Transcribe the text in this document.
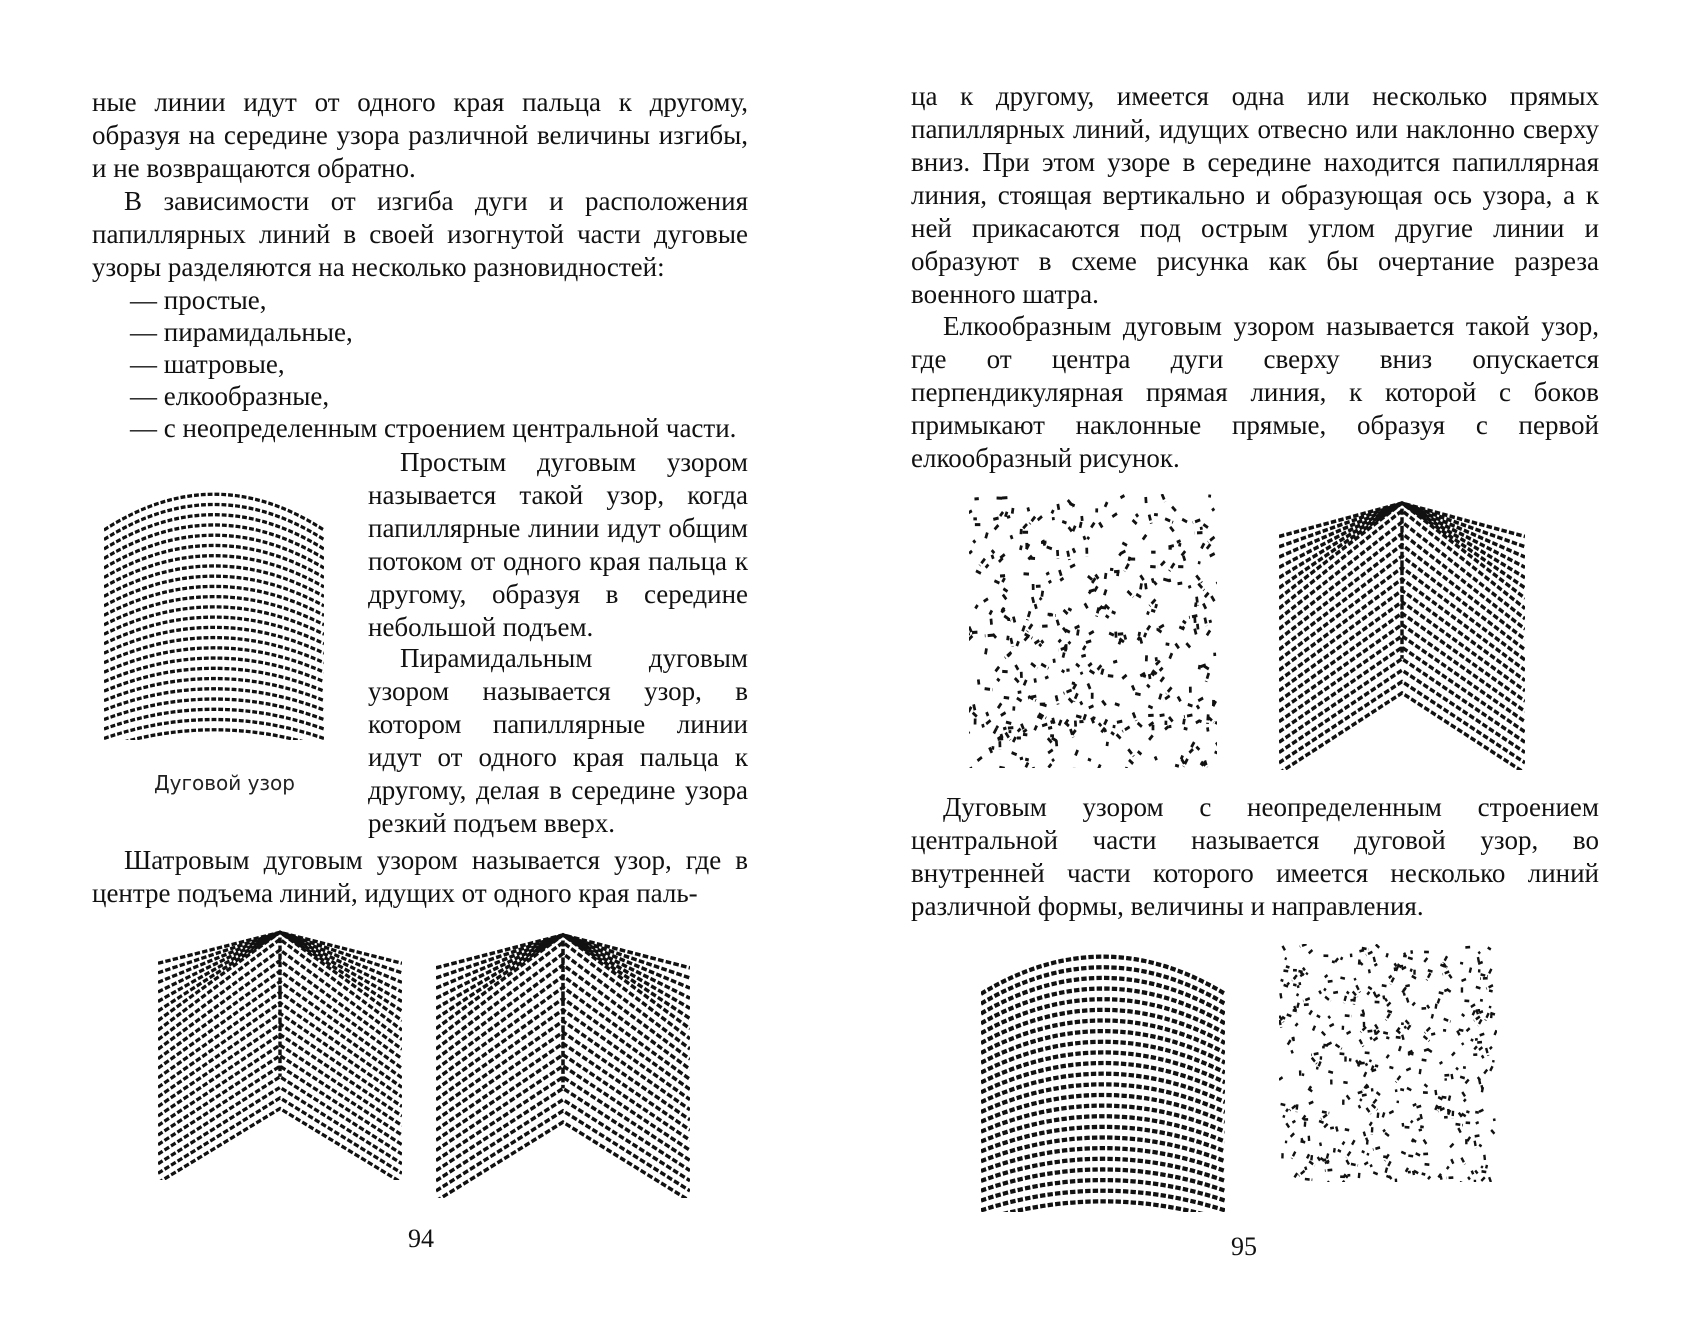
ные линии идут от одного края пальца к другому, образуя на середине узора различной величины изгибы, и не возвращаются обратно.

В зависимости от изгиба дуги и расположения папиллярных линий в своей изогнутой части дуговые узоры разделяются на несколько разновидностей:

— простые,
— пирамидальные,
— шатровые,
— елкообразные,
— с неопределенным строением центральной части.
Дуговой узор

Простым дуговым узором называется такой узор, когда папиллярные линии идут общим потоком от одного края пальца к другому, образуя в середине небольшой подъем.

Пирамидальным дуговым узором называется узор, в котором папиллярные линии идут от одного края пальца к другому, делая в середине узора резкий подъем вверх.

Шатровым дуговым узором называется узор, где в центре подъема линий, идущих от одного края паль-

94

ца к другому, имеется одна или несколько прямых папиллярных линий, идущих отвесно или наклонно сверху вниз. При этом узоре в середине находится папиллярная линия, стоящая вертикально и образующая ось узора, а к ней прикасаются под острым углом другие линии и образуют в схеме рисунка как бы очертание разреза военного шатра.

Елкообразным дуговым узором называется такой узор, где от центра дуги сверху вниз опускается перпендикулярная прямая линия, к которой с боков примыкают наклонные прямые, образуя с первой елкообразный рисунок.

Дуговым узором с неопределенным строением центральной части называется дуговой узор, во внутренней части которого имеется несколько линий различной формы, величины и направления.

95
